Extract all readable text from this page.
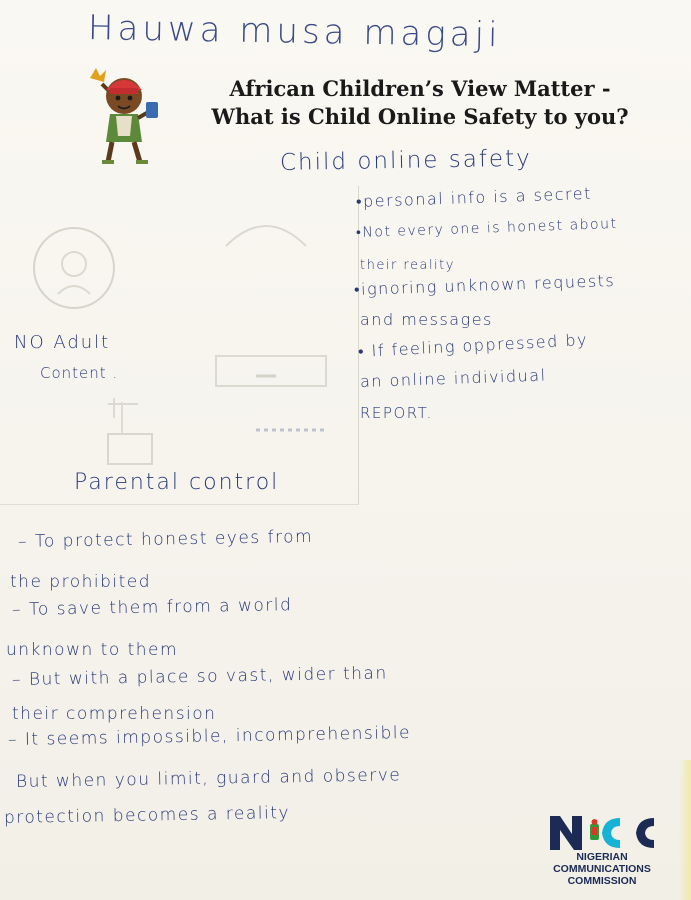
Hauwa musa magaji
African Children’s View Matter -
What is Child Online Safety to you?
Child online safety
•personal info is a secret
•Not every one is honest about
their reality
•ignoring unknown requests
and messages
• If feeling oppressed by
an online individual
REPORT.
NO Adult
Content .
Parental control
– To protect honest eyes from
the prohibited
– To save them from a world
unknown to them
– But with a place so vast, wider than
their comprehension
– It seems impossible, incomprehensible
But when you limit, guard and observe
protection becomes a reality
NIGERIAN
COMMUNICATIONS
COMMISSION
